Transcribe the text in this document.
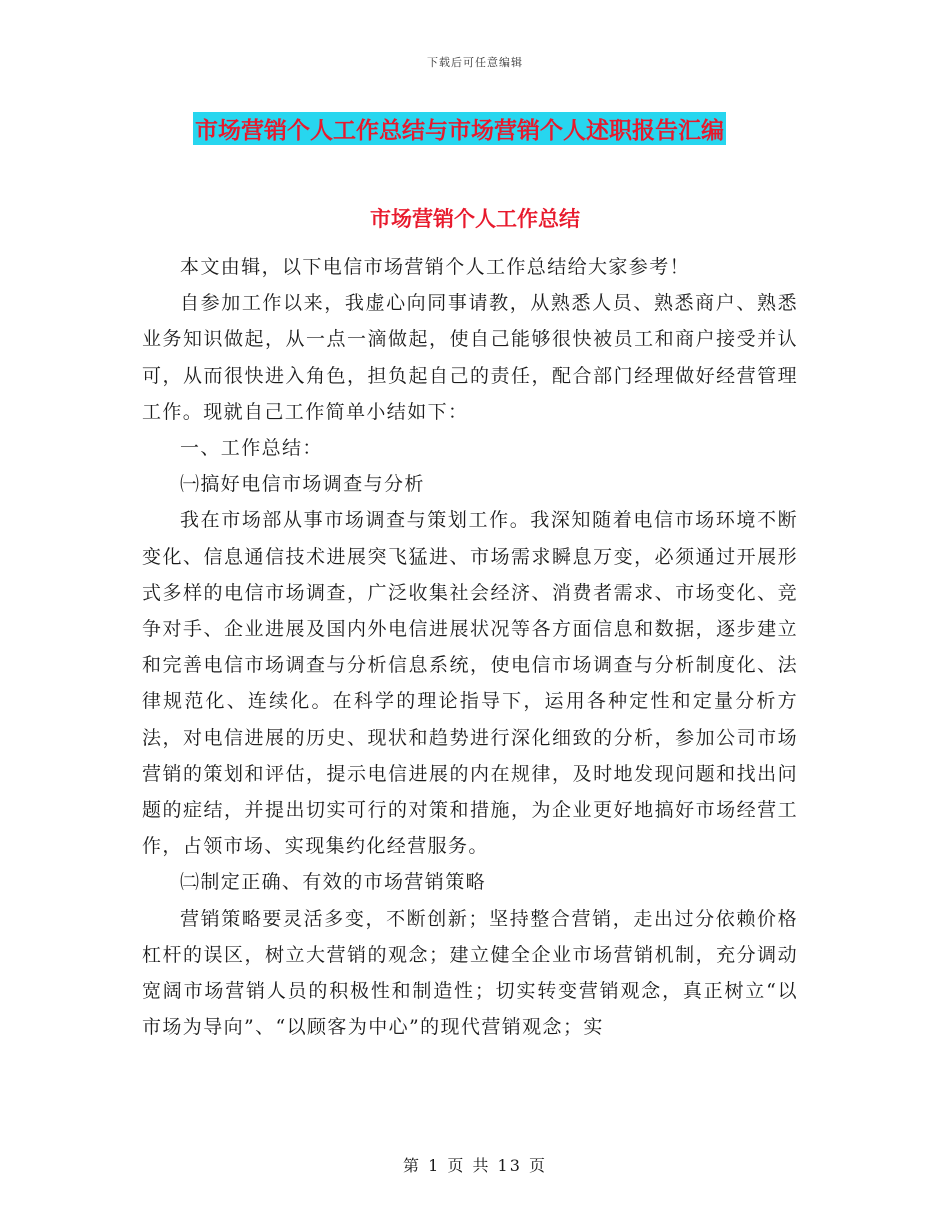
下载后可任意编辑
市场营销个人工作总结与市场营销个人述职报告汇编
市场营销个人工作总结

本文由辑，以下电信市场营销个人工作总结给大家参考！

自参加工作以来，我虚心向同事请教，从熟悉人员、熟悉商户、熟悉业务知识做起，从一点一滴做起，使自己能够很快被员工和商户接受并认可，从而很快进入角色，担负起自己的责任，配合部门经理做好经营管理工作。现就自己工作简单小结如下：

一、工作总结：

㈠搞好电信市场调查与分析

我在市场部从事市场调查与策划工作。我深知随着电信市场环境不断变化、信息通信技术进展突飞猛进、市场需求瞬息万变，必须通过开展形式多样的电信市场调查，广泛收集社会经济、消费者需求、市场变化、竞争对手、企业进展及国内外电信进展状况等各方面信息和数据，逐步建立和完善电信市场调查与分析信息系统，使电信市场调查与分析制度化、法律规范化、连续化。在科学的理论指导下，运用各种定性和定量分析方法，对电信进展的历史、现状和趋势进行深化细致的分析，参加公司市场营销的策划和评估，提示电信进展的内在规律，及时地发现问题和找出问题的症结，并提出切实可行的对策和措施，为企业更好地搞好市场经营工作，占领市场、实现集约化经营服务。

㈡制定正确、有效的市场营销策略

营销策略要灵活多变，不断创新；坚持整合营销，走出过分依赖价格杠杆的误区，树立大营销的观念；建立健全企业市场营销机制，充分调动宽阔市场营销人员的积极性和制造性；切实转变营销观念，真正树立“以市场为导向”、“以顾客为中心”的现代营销观念；实

第 1 页 共 13 页
